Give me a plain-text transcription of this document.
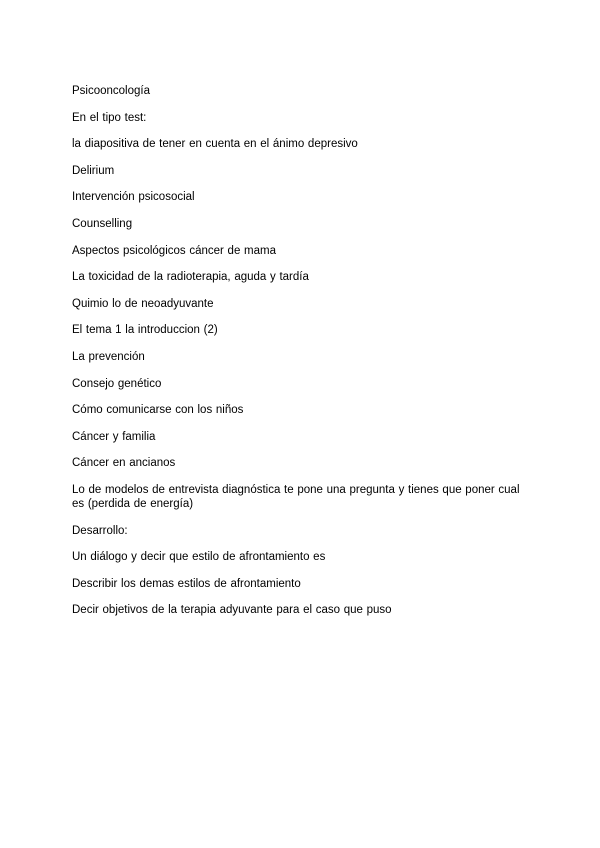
Psicooncología

En el tipo test:

la diapositiva de tener en cuenta en el ánimo depresivo

Delirium

Intervención psicosocial

Counselling

Aspectos psicológicos cáncer de mama

La toxicidad de la radioterapia, aguda y tardía

Quimio lo de neoadyuvante

El tema 1 la introduccion (2)

La prevención

Consejo genético

Cómo comunicarse con los niños

Cáncer y familia

Cáncer en ancianos

Lo de modelos de entrevista diagnóstica te pone una pregunta y tienes que poner cual es (perdida de energía)

Desarrollo:

Un diálogo y decir que estilo de afrontamiento es

Describir los demas estilos de afrontamiento

Decir objetivos de la terapia adyuvante para el caso que puso
